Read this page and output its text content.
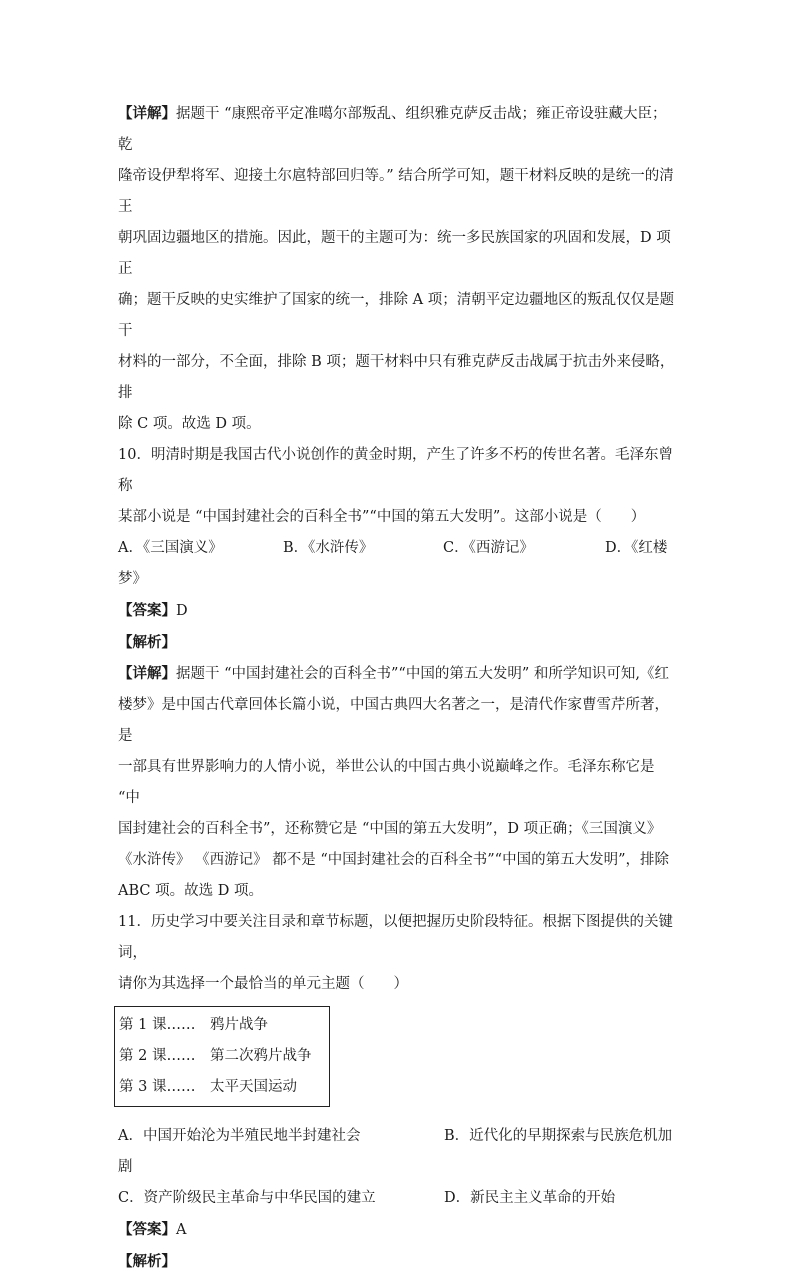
【详解】据题干 “康熙帝平定准噶尔部叛乱、组织雅克萨反击战；雍正帝设驻藏大臣；乾

隆帝设伊犁将军、迎接土尔扈特部回归等。” 结合所学可知，题干材料反映的是统一的清王

朝巩固边疆地区的措施。因此，题干的主题可为：统一多民族国家的巩固和发展，D 项正

确；题干反映的史实维护了国家的统一，排除 A 项；清朝平定边疆地区的叛乱仅仅是题干

材料的一部分，不全面，排除 B 项；题干材料中只有雅克萨反击战属于抗击外来侵略，排

除 C 项。故选 D 项。

10．明清时期是我国古代小说创作的黄金时期，产生了许多不朽的传世名著。毛泽东曾称

某部小说是 “中国封建社会的百科全书”“中国的第五大发明”。这部小说是（　　）

A．《三国演义》	B．《水浒传》	C．《西游记》	D．《红楼

梦》

【答案】D

【解析】

【详解】据题干 “中国封建社会的百科全书”“中国的第五大发明” 和所学知识可知,《红

楼梦》是中国古代章回体长篇小说，中国古典四大名著之一，是清代作家曹雪芹所著，是

一部具有世界影响力的人情小说，举世公认的中国古典小说巅峰之作。毛泽东称它是 “中

国封建社会的百科全书”，还称赞它是 “中国的第五大发明”，D 项正确；《三国演义》

《水浒传》 《西游记》 都不是 “中国封建社会的百科全书”“中国的第五大发明”，排除

ABC 项。故选 D 项。

11．历史学习中要关注目录和章节标题，以便把握历史阶段特征。根据下图提供的关键词，

请你为其选择一个最恰当的单元主题（　　）

第 1 课……　鸦片战争

第 2 课……　第二次鸦片战争

第 3 课……　太平天国运动

A．中国开始沦为半殖民地半封建社会	B．近代化的早期探索与民族危机加

剧

C．资产阶级民主革命与中华民国的建立	D．新民主主义革命的开始

【答案】A

【解析】
